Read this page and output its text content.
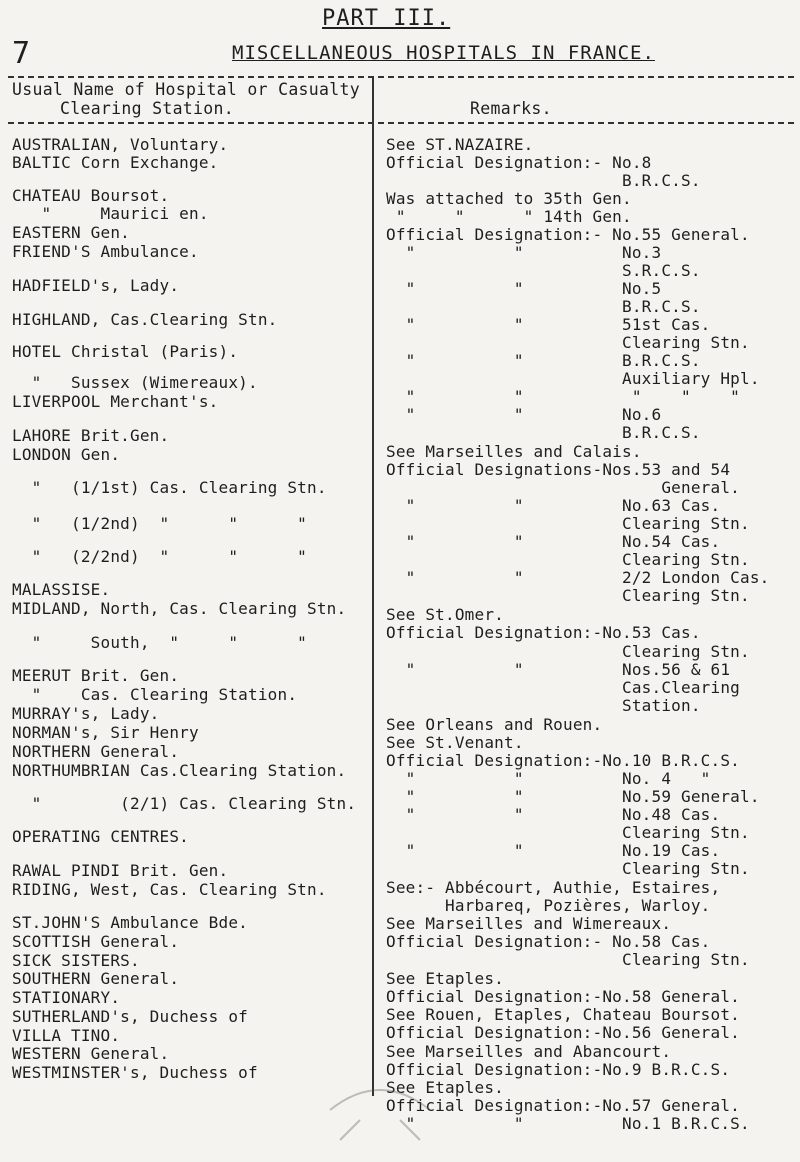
7
PART III.
MISCELLANEOUS HOSPITALS IN FRANCE.
Usual Name of Hospital or Casualty
Clearing Station.	Remarks.
AUSTRALIAN, Voluntary.
BALTIC Corn Exchange.
CHATEAU Boursot.
"     Maurici en.
EASTERN Gen.
FRIEND'S Ambulance.
HADFIELD's, Lady.
HIGHLAND, Cas.Clearing Stn.
HOTEL Christal (Paris).
"   Sussex (Wimereaux).
LIVERPOOL Merchant's.
LAHORE Brit.Gen.
LONDON Gen.
"   (1/1st) Cas. Clearing Stn.
"   (1/2nd)  "      "      "
"   (2/2nd)  "      "      "
MALASSISE.
MIDLAND, North, Cas. Clearing Stn.
"     South,  "     "      "
MEERUT Brit. Gen.
"    Cas. Clearing Station.
MURRAY's, Lady.
NORMAN's, Sir Henry
NORTHERN General.
NORTHUMBRIAN Cas.Clearing Station.
"        (2/1) Cas. Clearing Stn.
OPERATING CENTRES.
RAWAL PINDI Brit. Gen.
RIDING, West, Cas. Clearing Stn.
ST.JOHN'S Ambulance Bde.
SCOTTISH General.
SICK SISTERS.
SOUTHERN General.
STATIONARY.
SUTHERLAND's, Duchess of
VILLA TINO.
WESTERN General.
WESTMINSTER's, Duchess of
See ST.NAZAIRE.
Official Designation:- No.8
B.R.C.S.
Was attached to 35th Gen.
"     "      " 14th Gen.
Official Designation:- No.55 General.
"          "          No.3
S.R.C.S.
"          "          No.5
B.R.C.S.
"          "          51st Cas.
Clearing Stn.
"          "          B.R.C.S.
Auxiliary Hpl.
"          "           "    "    "
"          "          No.6
B.R.C.S.
See Marseilles and Calais.
Official Designations-Nos.53 and 54
General.
"          "          No.63 Cas.
Clearing Stn.
"          "          No.54 Cas.
Clearing Stn.
"          "          2/2 London Cas.
Clearing Stn.
See St.Omer.
Official Designation:-No.53 Cas.
Clearing Stn.
"          "          Nos.56 & 61
Cas.Clearing
Station.
See Orleans and Rouen.
See St.Venant.
Official Designation:-No.10 B.R.C.S.
"          "          No. 4   "
"          "          No.59 General.
"          "          No.48 Cas.
Clearing Stn.
"          "          No.19 Cas.
Clearing Stn.
See:- Abbécourt, Authie, Estaires,
Harbareq, Pozières, Warloy.
See Marseilles and Wimereaux.
Official Designation:- No.58 Cas.
Clearing Stn.
See Etaples.
Official Designation:-No.58 General.
See Rouen, Etaples, Chateau Boursot.
Official Designation:-No.56 General.
See Marseilles and Abancourt.
Official Designation:-No.9 B.R.C.S.
See Etaples.
Official Designation:-No.57 General.
"          "          No.1 B.R.C.S.
